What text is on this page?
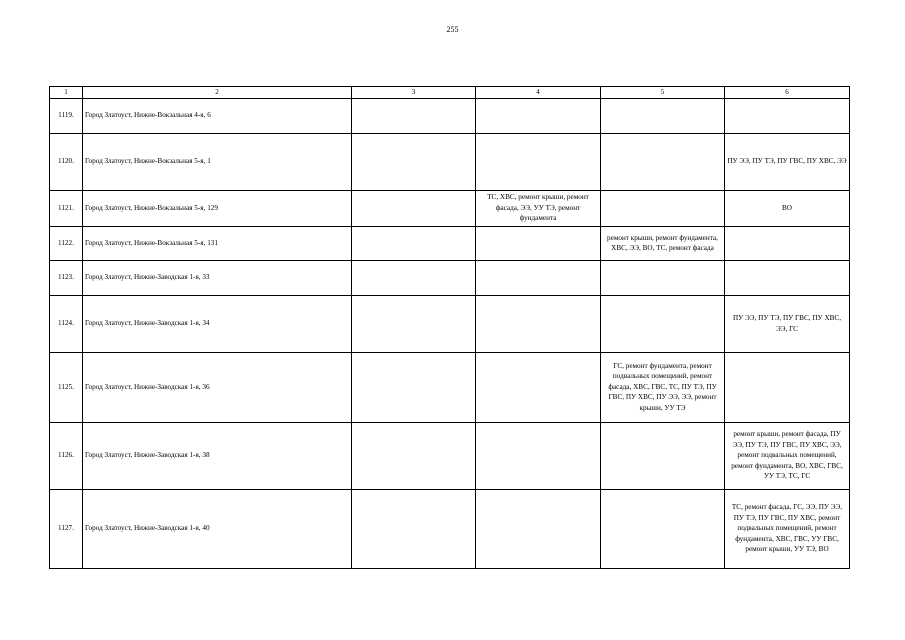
255
1	2	3	4	5	6
1119.	Город Златоуст, Нижне-Вокзальная 4-я, 6				
1120.	Город Златоуст, Нижне-Вокзальная 5-я, 1				ПУ ЭЭ, ПУ ТЭ, ПУ ГВС, ПУ ХВС, ЭЭ
1121.	Город Златоуст, Нижне-Вокзальная 5-я, 129		ТС, ХВС, ремонт крыши, ремонт фасада, ЭЭ, УУ ТЭ, ремонт фундамента		ВО
1122.	Город Златоуст, Нижне-Вокзальная 5-я, 131			ремонт крыши, ремонт фундамента, ХВС, ЭЭ, ВО, ТС, ремонт фасада	
1123.	Город Златоуст, Нижне-Заводская 1-я, 33				
1124.	Город Златоуст, Нижне-Заводская 1-я, 34				ПУ ЭЭ, ПУ ТЭ, ПУ ГВС, ПУ ХВС, ЭЭ, ГС
1125.	Город Златоуст, Нижне-Заводская 1-я, 36			ГС, ремонт фундамента, ремонт подвальных помещений, ремонт фасада, ХВС, ГВС, ТС, ПУ ТЭ, ПУ ГВС, ПУ ХВС, ПУ ЭЭ, ЭЭ, ремонт крыши, УУ ТЭ	
1126.	Город Златоуст, Нижне-Заводская 1-я, 38				ремонт крыши, ремонт фасада, ПУ ЭЭ, ПУ ТЭ, ПУ ГВС, ПУ ХВС, ЭЭ, ремонт подвальных помещений, ремонт фундамента, ВО, ХВС, ГВС, УУ ТЭ, ТС, ГС
1127.	Город Златоуст, Нижне-Заводская 1-я, 40				ТС, ремонт фасада, ГС, ЭЭ, ПУ ЭЭ, ПУ ТЭ, ПУ ГВС, ПУ ХВС, ремонт подвальных помещений, ремонт фундамента, ХВС, ГВС, УУ ГВС, ремонт крыши, УУ ТЭ, ВО
